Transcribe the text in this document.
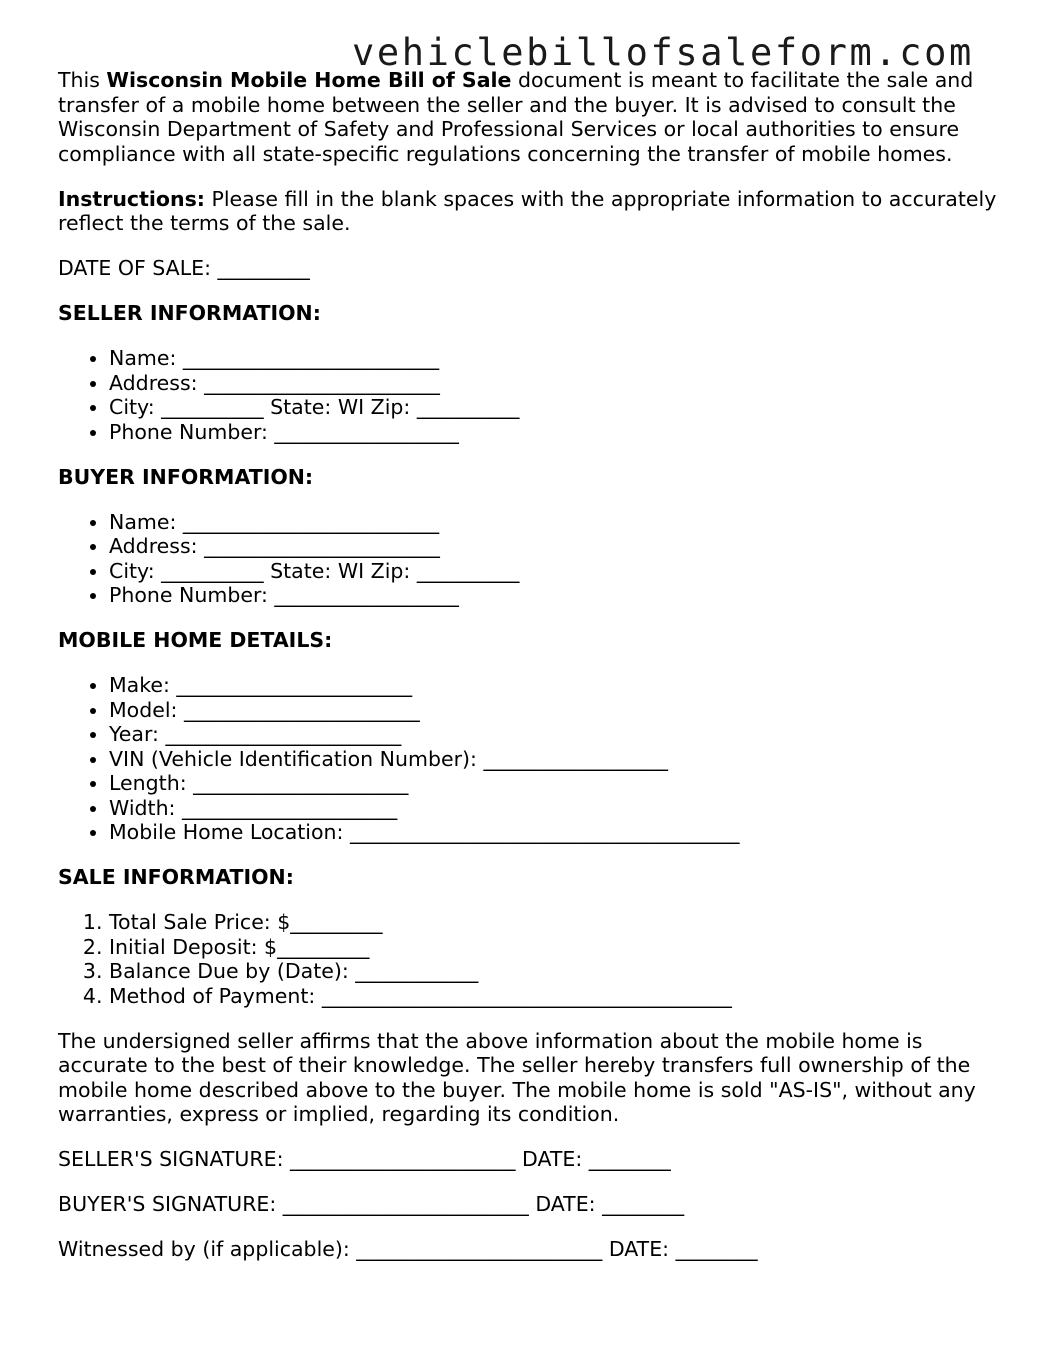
vehiclebillofsaleform.com

This Wisconsin Mobile Home Bill of Sale document is meant to facilitate the sale and transfer of a mobile home between the seller and the buyer. It is advised to consult the Wisconsin Department of Safety and Professional Services or local authorities to ensure compliance with all state-specific regulations concerning the transfer of mobile homes.

Instructions: Please fill in the blank spaces with the appropriate information to accurately reflect the terms of the sale.

DATE OF SALE: _________

SELLER INFORMATION:

• Name: _________________________
• Address: _______________________
• City: __________ State: WI Zip: __________
• Phone Number: __________________

BUYER INFORMATION:

• Name: _________________________
• Address: _______________________
• City: __________ State: WI Zip: __________
• Phone Number: __________________

MOBILE HOME DETAILS:

• Make: _______________________
• Model: _______________________
• Year: _______________________
• VIN (Vehicle Identification Number): __________________
• Length: _____________________
• Width: _____________________
• Mobile Home Location: ______________________________________

SALE INFORMATION:

1. Total Sale Price: $_________
2. Initial Deposit: $_________
3. Balance Due by (Date): ____________
4. Method of Payment: ________________________________________

The undersigned seller affirms that the above information about the mobile home is accurate to the best of their knowledge. The seller hereby transfers full ownership of the mobile home described above to the buyer. The mobile home is sold "AS-IS", without any warranties, express or implied, regarding its condition.

SELLER'S SIGNATURE: ______________________ DATE: ________

BUYER'S SIGNATURE: ________________________ DATE: ________

Witnessed by (if applicable): ________________________ DATE: ________
